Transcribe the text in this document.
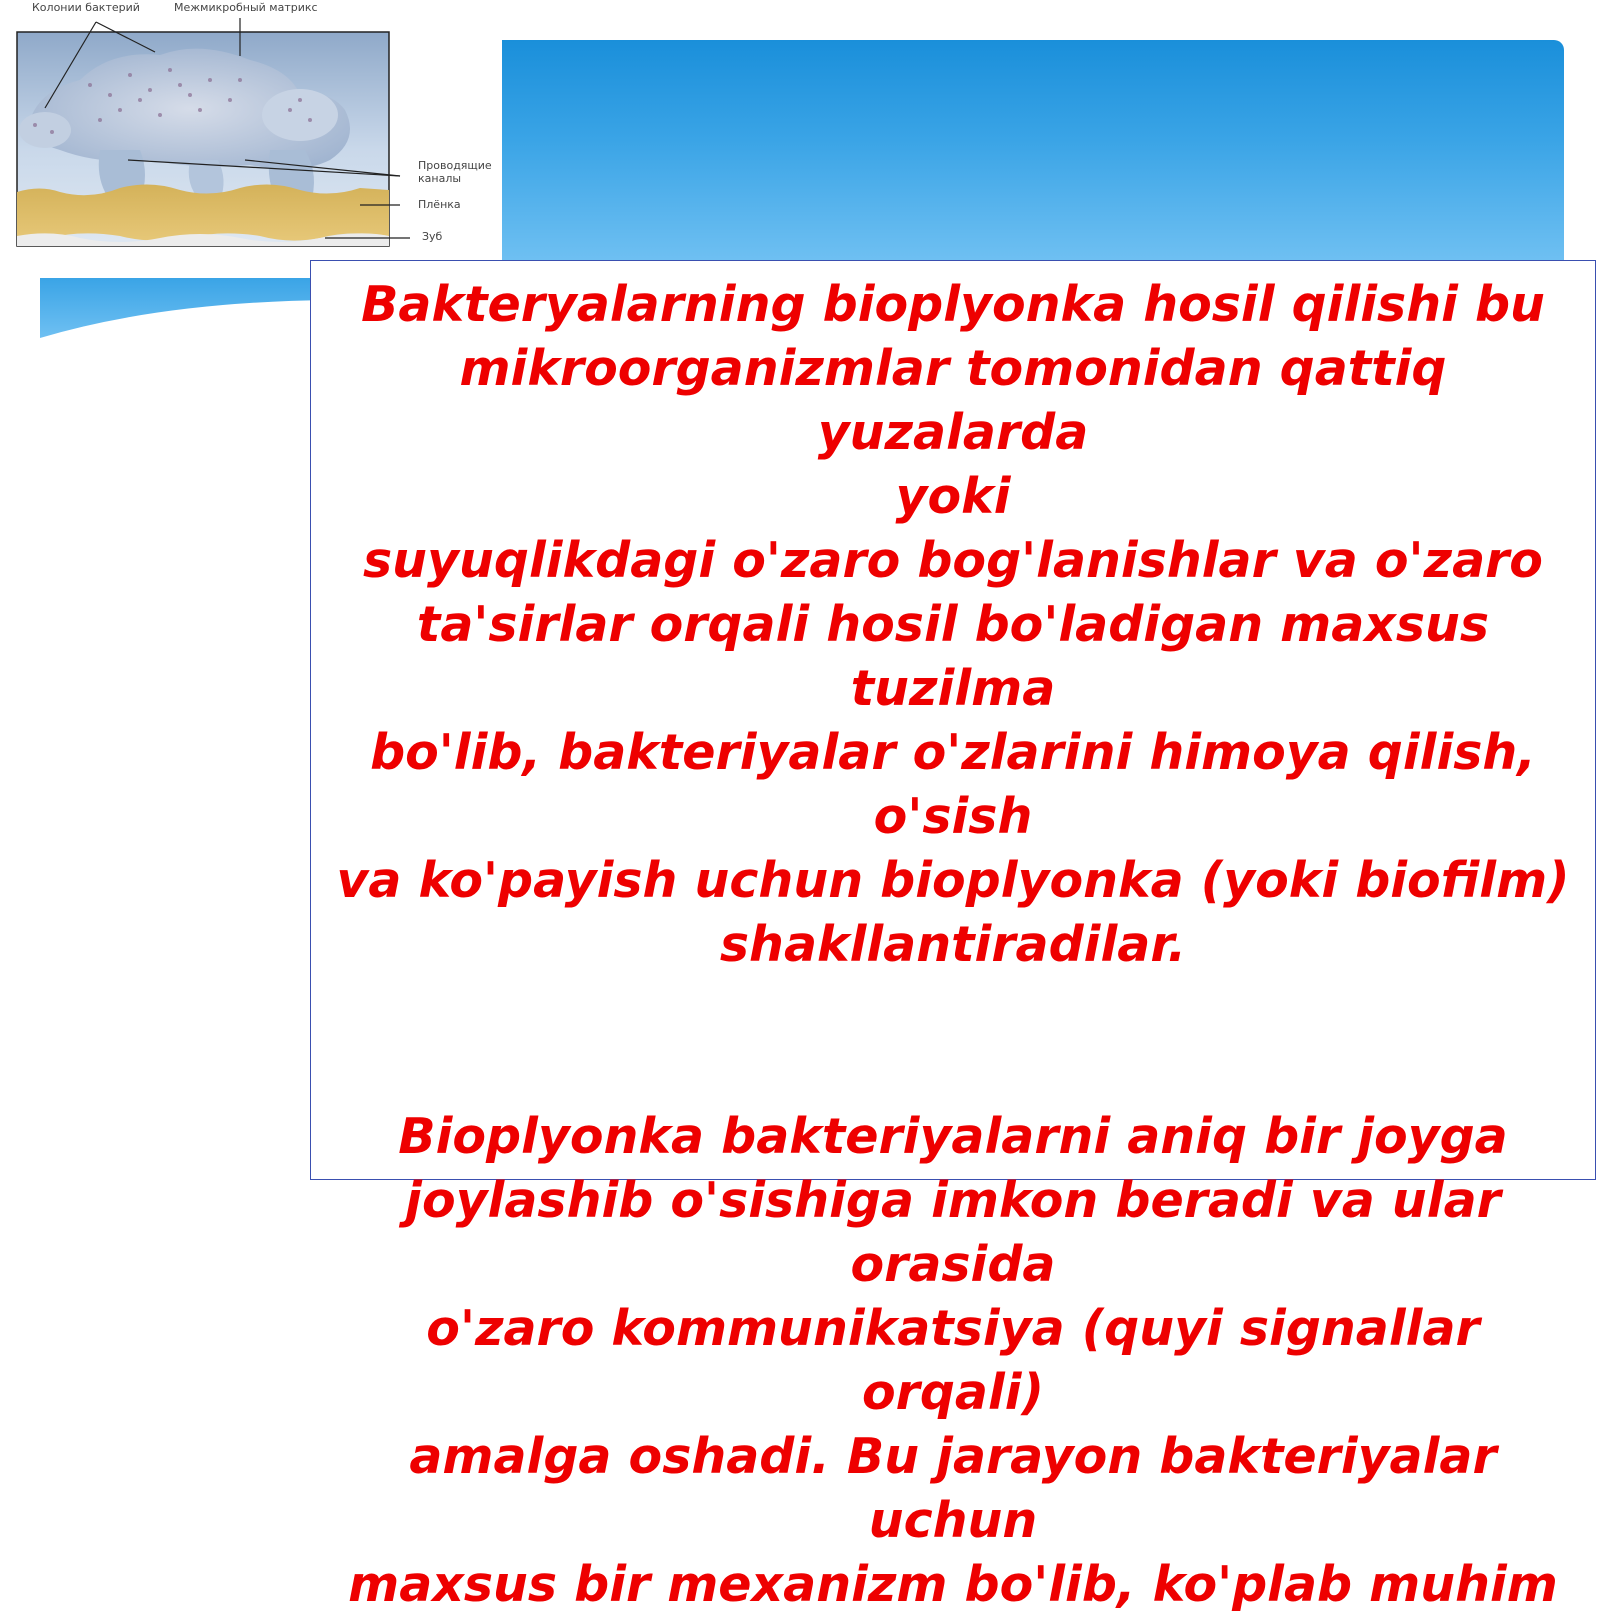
Колонии бактерий	Межмикробный матрикс
Проводящие
каналы
Плёнка
Зуб

Bakteryalarning bioplyonka hosil qilishi bu
mikroorganizmlar tomonidan qattiq yuzalarda
yoki
suyuqlikdagi o'zaro bog'lanishlar va o'zaro
ta'sirlar orqali hosil bo'ladigan maxsus tuzilma
bo'lib, bakteriyalar o'zlarini himoya qilish, o'sish
va ko'payish uchun bioplyonka (yoki biofilm)
shakllantiradilar.

Bioplyonka bakteriyalarni aniq bir joyga
joylashib o'sishiga imkon beradi va ular orasida
o'zaro kommunikatsiya (quyi signallar orqali)
amalga oshadi. Bu jarayon bakteriyalar uchun
maxsus bir mexanizm bo'lib, ko'plab muhim
